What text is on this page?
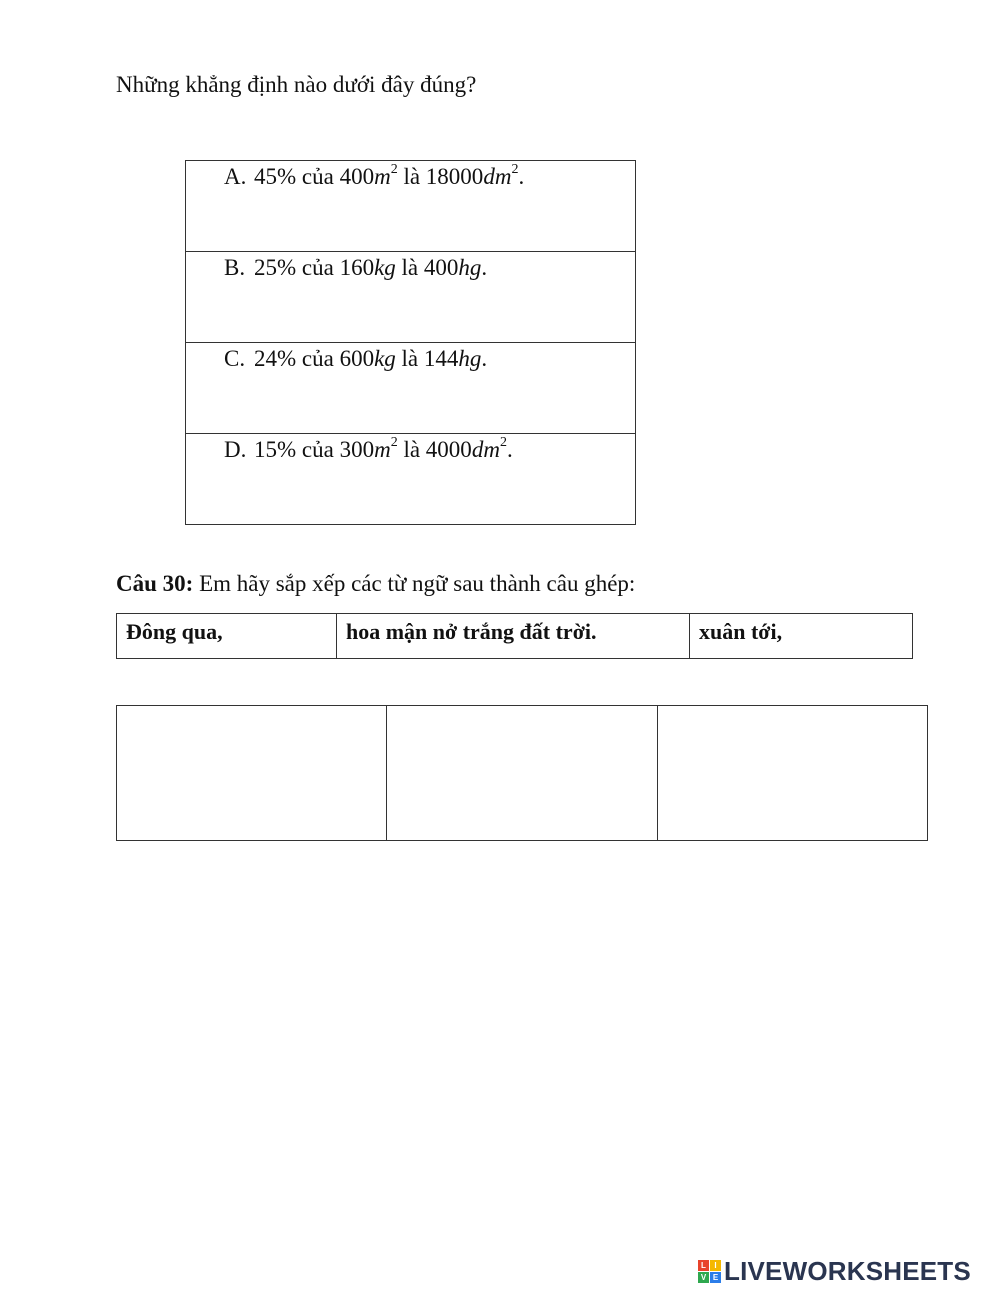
Những khẳng định nào dưới đây đúng?
A. 45% của $400m^2$ là $18000dm^2$.

B. 25% của 160kg là 400hg.

C. 24% của 600kg là 144hg.

D. 15% của $300m^2$ là $4000dm^2$.
Câu 30: Em hãy sắp xếp các từ ngữ sau thành câu ghép:
Đông qua,	hoa mận nở trắng đất trời.	xuân tới,

L	I
V E LIVEWORKSHEETS
